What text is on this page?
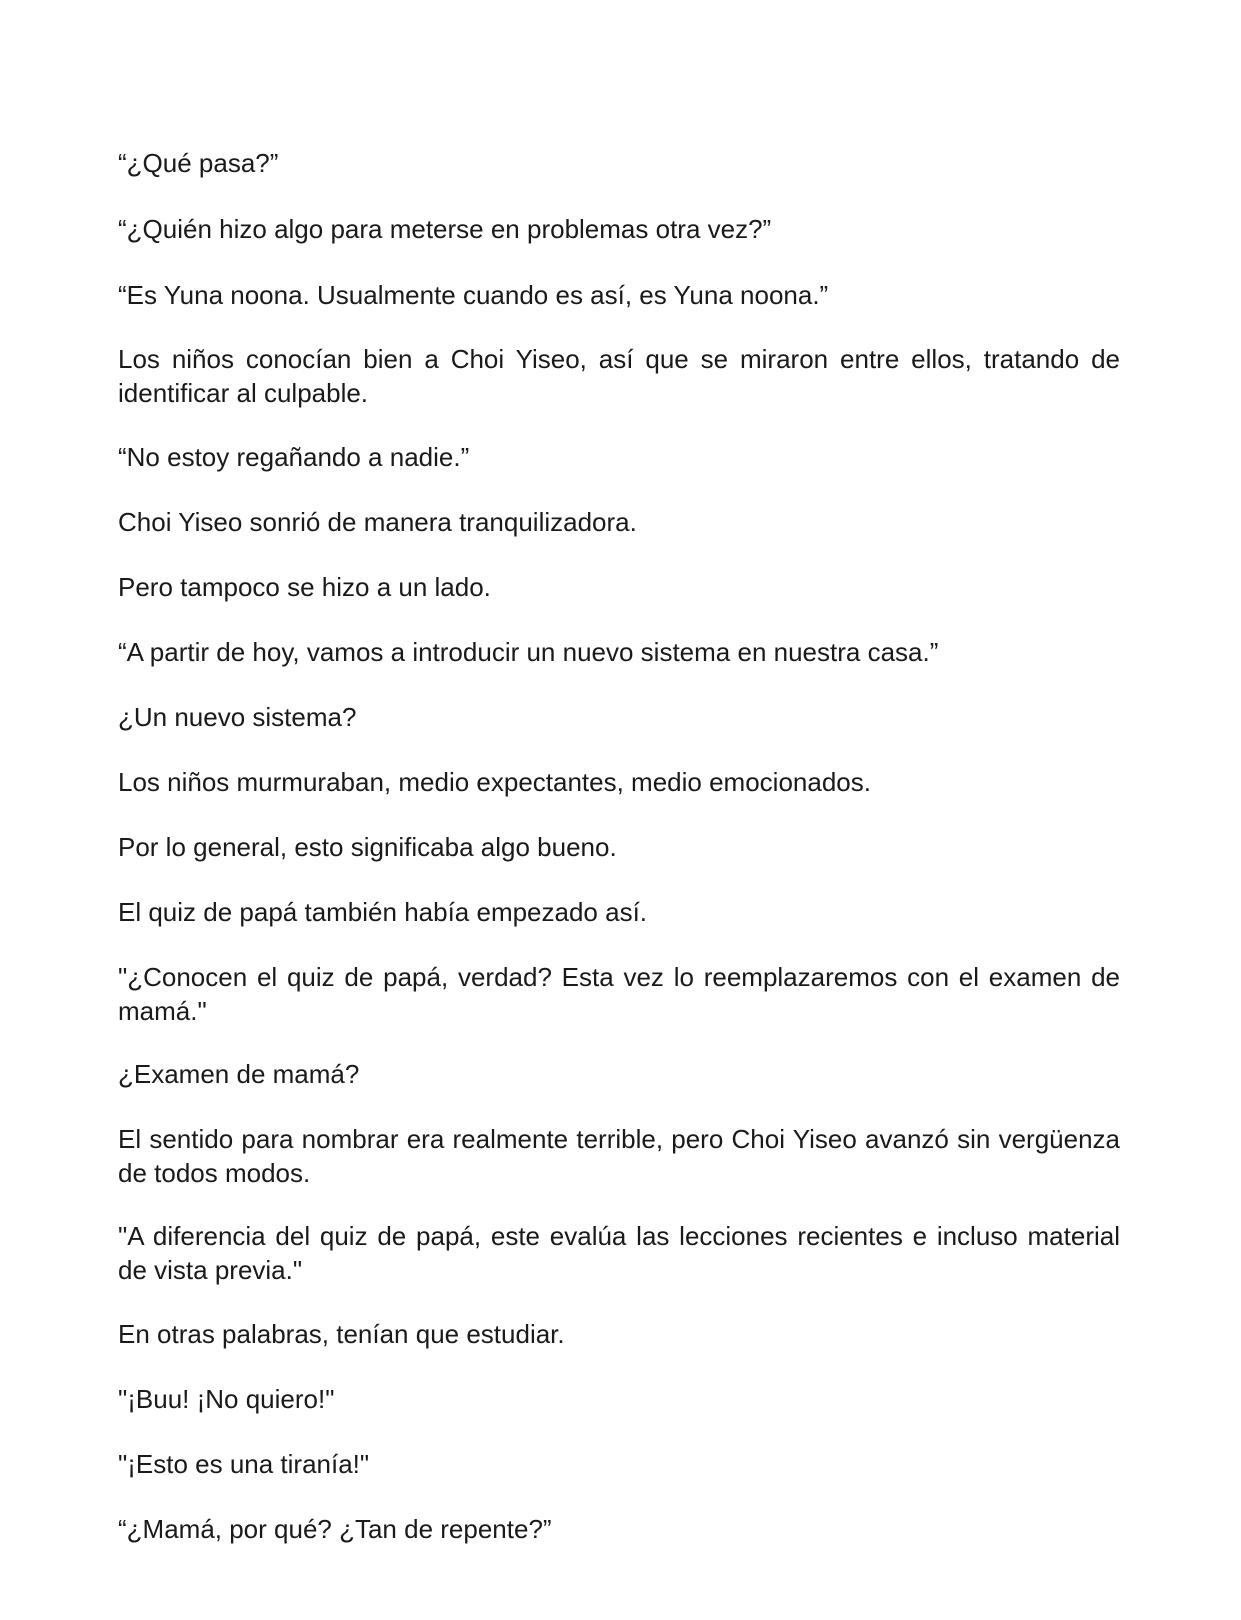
“¿Qué pasa?”

“¿Quién hizo algo para meterse en problemas otra vez?”

“Es Yuna noona. Usualmente cuando es así, es Yuna noona.”

Los niños conocían bien a Choi Yiseo, así que se miraron entre ellos, tratando de identificar al culpable.

“No estoy regañando a nadie.”

Choi Yiseo sonrió de manera tranquilizadora.

Pero tampoco se hizo a un lado.

“A partir de hoy, vamos a introducir un nuevo sistema en nuestra casa.”

¿Un nuevo sistema?

Los niños murmuraban, medio expectantes, medio emocionados.

Por lo general, esto significaba algo bueno.

El quiz de papá también había empezado así.

"¿Conocen el quiz de papá, verdad? Esta vez lo reemplazaremos con el examen de mamá."

¿Examen de mamá?

El sentido para nombrar era realmente terrible, pero Choi Yiseo avanzó sin vergüenza de todos modos.

"A diferencia del quiz de papá, este evalúa las lecciones recientes e incluso material de vista previa."

En otras palabras, tenían que estudiar.

"¡Buu! ¡No quiero!"

"¡Esto es una tiranía!"

“¿Mamá, por qué? ¿Tan de repente?”
